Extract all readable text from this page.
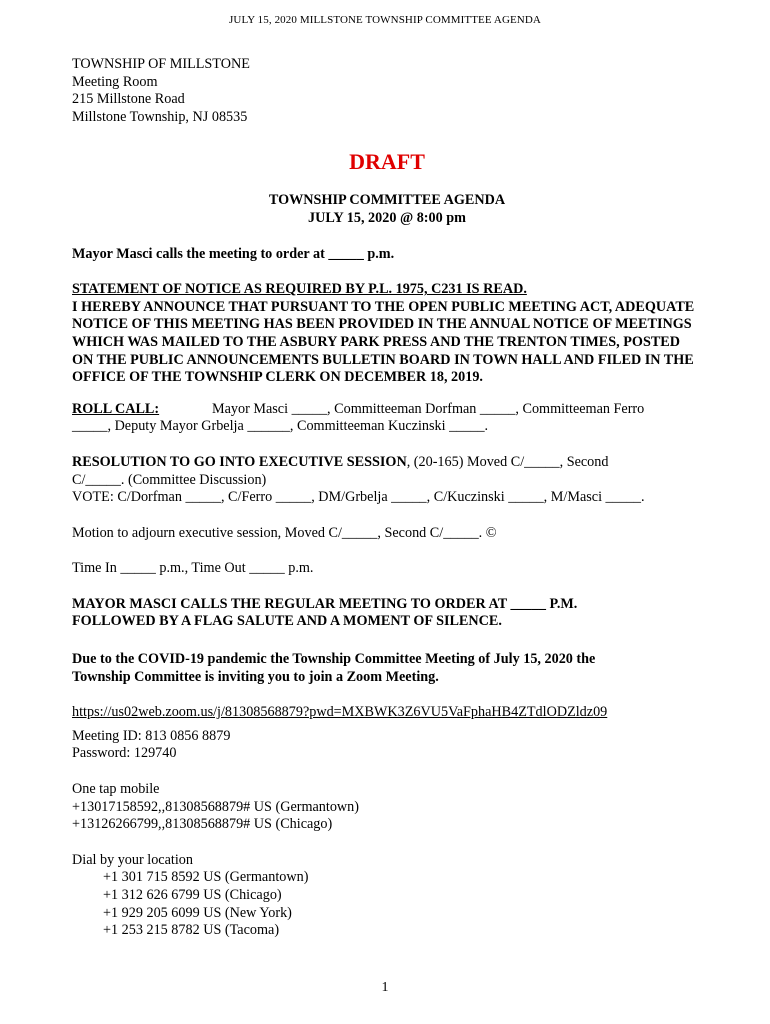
JULY 15, 2020 MILLSTONE TOWNSHIP COMMITTEE AGENDA
TOWNSHIP OF MILLSTONE
Meeting Room
215 Millstone Road
Millstone Township, NJ 08535
DRAFT
TOWNSHIP COMMITTEE AGENDA
JULY 15, 2020 @ 8:00 pm

Mayor Masci calls the meeting to order at _____ p.m.

STATEMENT OF NOTICE AS REQUIRED BY P.L. 1975, C231 IS READ.
I HEREBY ANNOUNCE THAT PURSUANT TO THE OPEN PUBLIC MEETING ACT, ADEQUATE NOTICE OF THIS MEETING HAS BEEN PROVIDED IN THE ANNUAL NOTICE OF MEETINGS WHICH WAS MAILED TO THE ASBURY PARK PRESS AND THE TRENTON TIMES, POSTED ON THE PUBLIC ANNOUNCEMENTS BULLETIN BOARD IN TOWN HALL AND FILED IN THE OFFICE OF THE TOWNSHIP CLERK ON DECEMBER 18, 2019.

ROLL CALL:	Mayor Masci _____, Committeeman Dorfman _____, Committeeman Ferro
_____, Deputy Mayor Grbelja ______, Committeeman Kuczinski _____.

RESOLUTION TO GO INTO EXECUTIVE SESSION, (20-165) Moved C/_____, Second
C/_____. (Committee Discussion)
VOTE: C/Dorfman _____, C/Ferro _____, DM/Grbelja _____, C/Kuczinski _____, M/Masci _____.

Motion to adjourn executive session, Moved C/_____, Second C/_____. ©

Time In _____ p.m., Time Out _____ p.m.

MAYOR MASCI CALLS THE REGULAR MEETING TO ORDER AT _____ P.M.
FOLLOWED BY A FLAG SALUTE AND A MOMENT OF SILENCE.

Due to the COVID-19 pandemic the Township Committee Meeting of July 15, 2020 the
Township Committee is inviting you to join a Zoom Meeting.

https://us02web.zoom.us/j/81308568879?pwd=MXBWK3Z6VU5VaFphaHB4ZTdlODZldz09

Meeting ID: 813 0856 8879
Password: 129740

One tap mobile
+13017158592,,81308568879# US (Germantown)
+13126266799,,81308568879# US (Chicago)

Dial by your location
+1 301 715 8592 US (Germantown)
+1 312 626 6799 US (Chicago)
+1 929 205 6099 US (New York)
+1 253 215 8782 US (Tacoma)

1
